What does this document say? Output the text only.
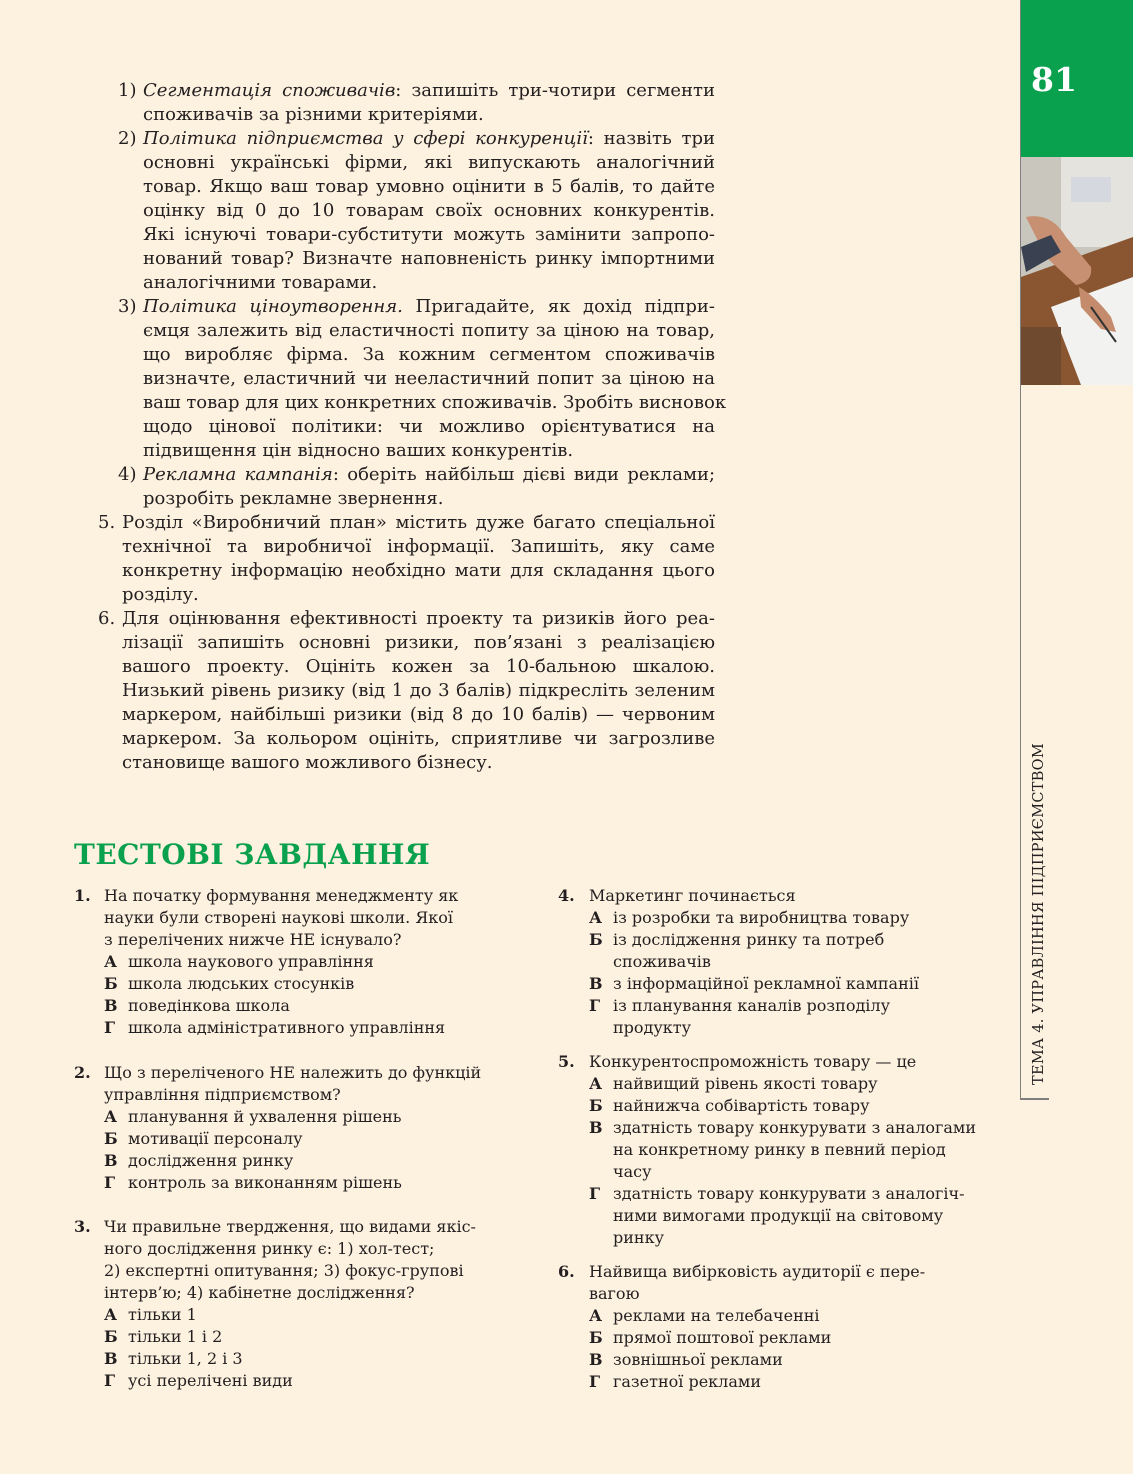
81
ТЕМА 4. УПРАВЛІННЯ ПІДПРИЄМСТВОМ
1) Сегментація споживачів: запишіть три-чотири сегменти
споживачів за різними критеріями.
2) Політика підприємства у сфері конкуренції: назвіть три
основні українські фірми, які випускають аналогічний
товар. Якщо ваш товар умовно оцінити в 5 балів, то дайте
оцінку від 0 до 10 товарам своїх основних конкурентів.
Які існуючі товари-субститути можуть замінити запропо-
нований товар? Визначте наповненість ринку імпортними
аналогічними товарами.
3) Політика ціноутворення. Пригадайте, як дохід підпри-
ємця залежить від еластичності попиту за ціною на товар,
що виробляє фірма. За кожним сегментом споживачів
визначте, еластичний чи нееластичний попит за ціною на
ваш товар для цих конкретних споживачів. Зробіть висновок
щодо цінової політики: чи можливо орієнтуватися на
підвищення цін відносно ваших конкурентів.
4) Рекламна кампанія: оберіть найбільш дієві види реклами;
розробіть рекламне звернення.
5. Розділ «Виробничий план» містить дуже багато спеціальної
технічної та виробничої інформації. Запишіть, яку саме
конкретну інформацію необхідно мати для складання цього
розділу.
6. Для оцінювання ефективності проекту та ризиків його реа-
лізації запишіть основні ризики, пов’язані з реалізацією
вашого проекту. Оцініть кожен за 10-бальною шкалою.
Низький рівень ризику (від 1 до 3 балів) підкресліть зеленим
маркером, найбільші ризики (від 8 до 10 балів) — червоним
маркером. За кольором оцініть, сприятливе чи загрозливе
становище вашого можливого бізнесу.
ТЕСТОВІ ЗАВДАННЯ
1. На початку формування менеджменту як
науки були створені наукові школи. Якої
з перелічених нижче НЕ існувало?
А школа наукового управління
Б школа людських стосунків
В поведінкова школа
Г школа адміністративного управління
2. Що з переліченого НЕ належить до функцій
управління підприємством?
А планування й ухвалення рішень
Б мотивації персоналу
В дослідження ринку
Г контроль за виконанням рішень
3. Чи правильне твердження, що видами якіс-
ного дослідження ринку є: 1) хол-тест;
2) експертні опитування; 3) фокус-групові
інтерв’ю; 4) кабінетне дослідження?
А тільки 1
Б тільки 1 і 2
В тільки 1, 2 і 3
Г усі перелічені види
4. Маркетинг починається
А із розробки та виробництва товару
Б із дослідження ринку та потреб
споживачів
В з інформаційної рекламної кампанії
Г із планування каналів розподілу
продукту
5. Конкурентоспроможність товару — це
А найвищий рівень якості товару
Б найнижча собівартість товару
В здатність товару конкурувати з аналогами
на конкретному ринку в певний період
часу
Г здатність товару конкурувати з аналогіч-
ними вимогами продукції на світовому
ринку
6. Найвища вибірковість аудиторії є пере-
вагою
А реклами на телебаченні
Б прямої поштової реклами
В зовнішньої реклами
Г газетної реклами
